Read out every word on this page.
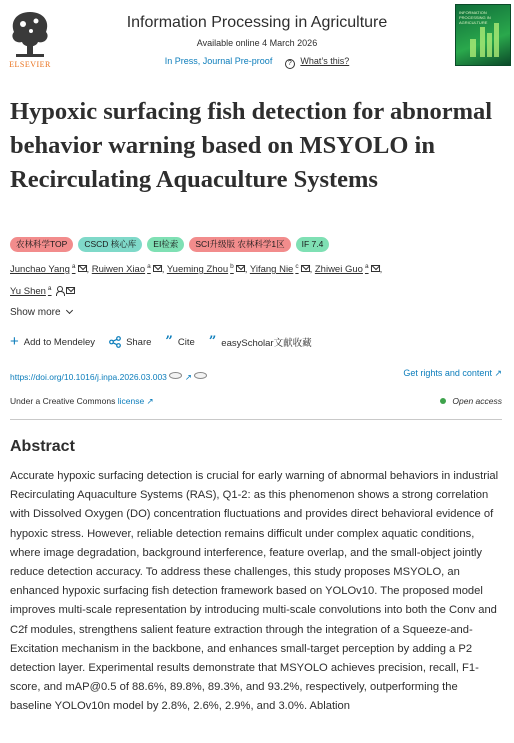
ELSEVIER
Information Processing in Agriculture
Available online 4 March 2026
In Press, Journal Pre-proof ? What’s this?
INFORMATION PROCESSING IN AGRICULTURE
Hypoxic surfacing fish detection for abnormal behavior warning based on MSYOLO in Recirculating Aquaculture Systems
农林科学TOP	CSCD 核心库	EI检索	SCI升级版 农林科学1区	IF 7.4
Junchao Yang $^a$ , Ruiwen Xiao $^a$ , Yueming Zhou $^b$ , Yifang Nie $^c$ , Zhiwei Guo $^a$ ,
Yu Shen $^a$
Show more
+ Add to Mendeley	Share ” Cite ” easyScholar文献收藏
https://doi.org/10.1016/j.inpa.2026.03.003 ↗	Get rights and content ↗
Under a Creative Commons license ↗	Open access
Abstract

Accurate hypoxic surfacing detection is crucial for early warning of abnormal behaviors in industrial Recirculating Aquaculture Systems (RAS), Q1-2: as this phenomenon shows a strong correlation with Dissolved Oxygen (DO) concentration fluctuations and provides direct behavioral evidence of hypoxic stress. However, reliable detection remains difficult under complex aquatic conditions, where image degradation, background interference, feature overlap, and the small-object jointly reduce detection accuracy. To address these challenges, this study proposes MSYOLO, an enhanced hypoxic surfacing fish detection framework based on YOLOv10. The proposed model improves multi-scale representation by introducing multi-scale convolutions into both the Conv and C2f modules, strengthens salient feature extraction through the integration of a Squeeze-and-Excitation mechanism in the backbone, and enhances small-target perception by adding a P2 detection layer. Experimental results demonstrate that MSYOLO achieves precision, recall, F1-score, and mAP@0.5 of 88.6%, 89.8%, 89.3%, and 93.2%, respectively, outperforming the baseline YOLOv10n model by 2.8%, 2.6%, 2.9%, and 3.0%. Ablation
